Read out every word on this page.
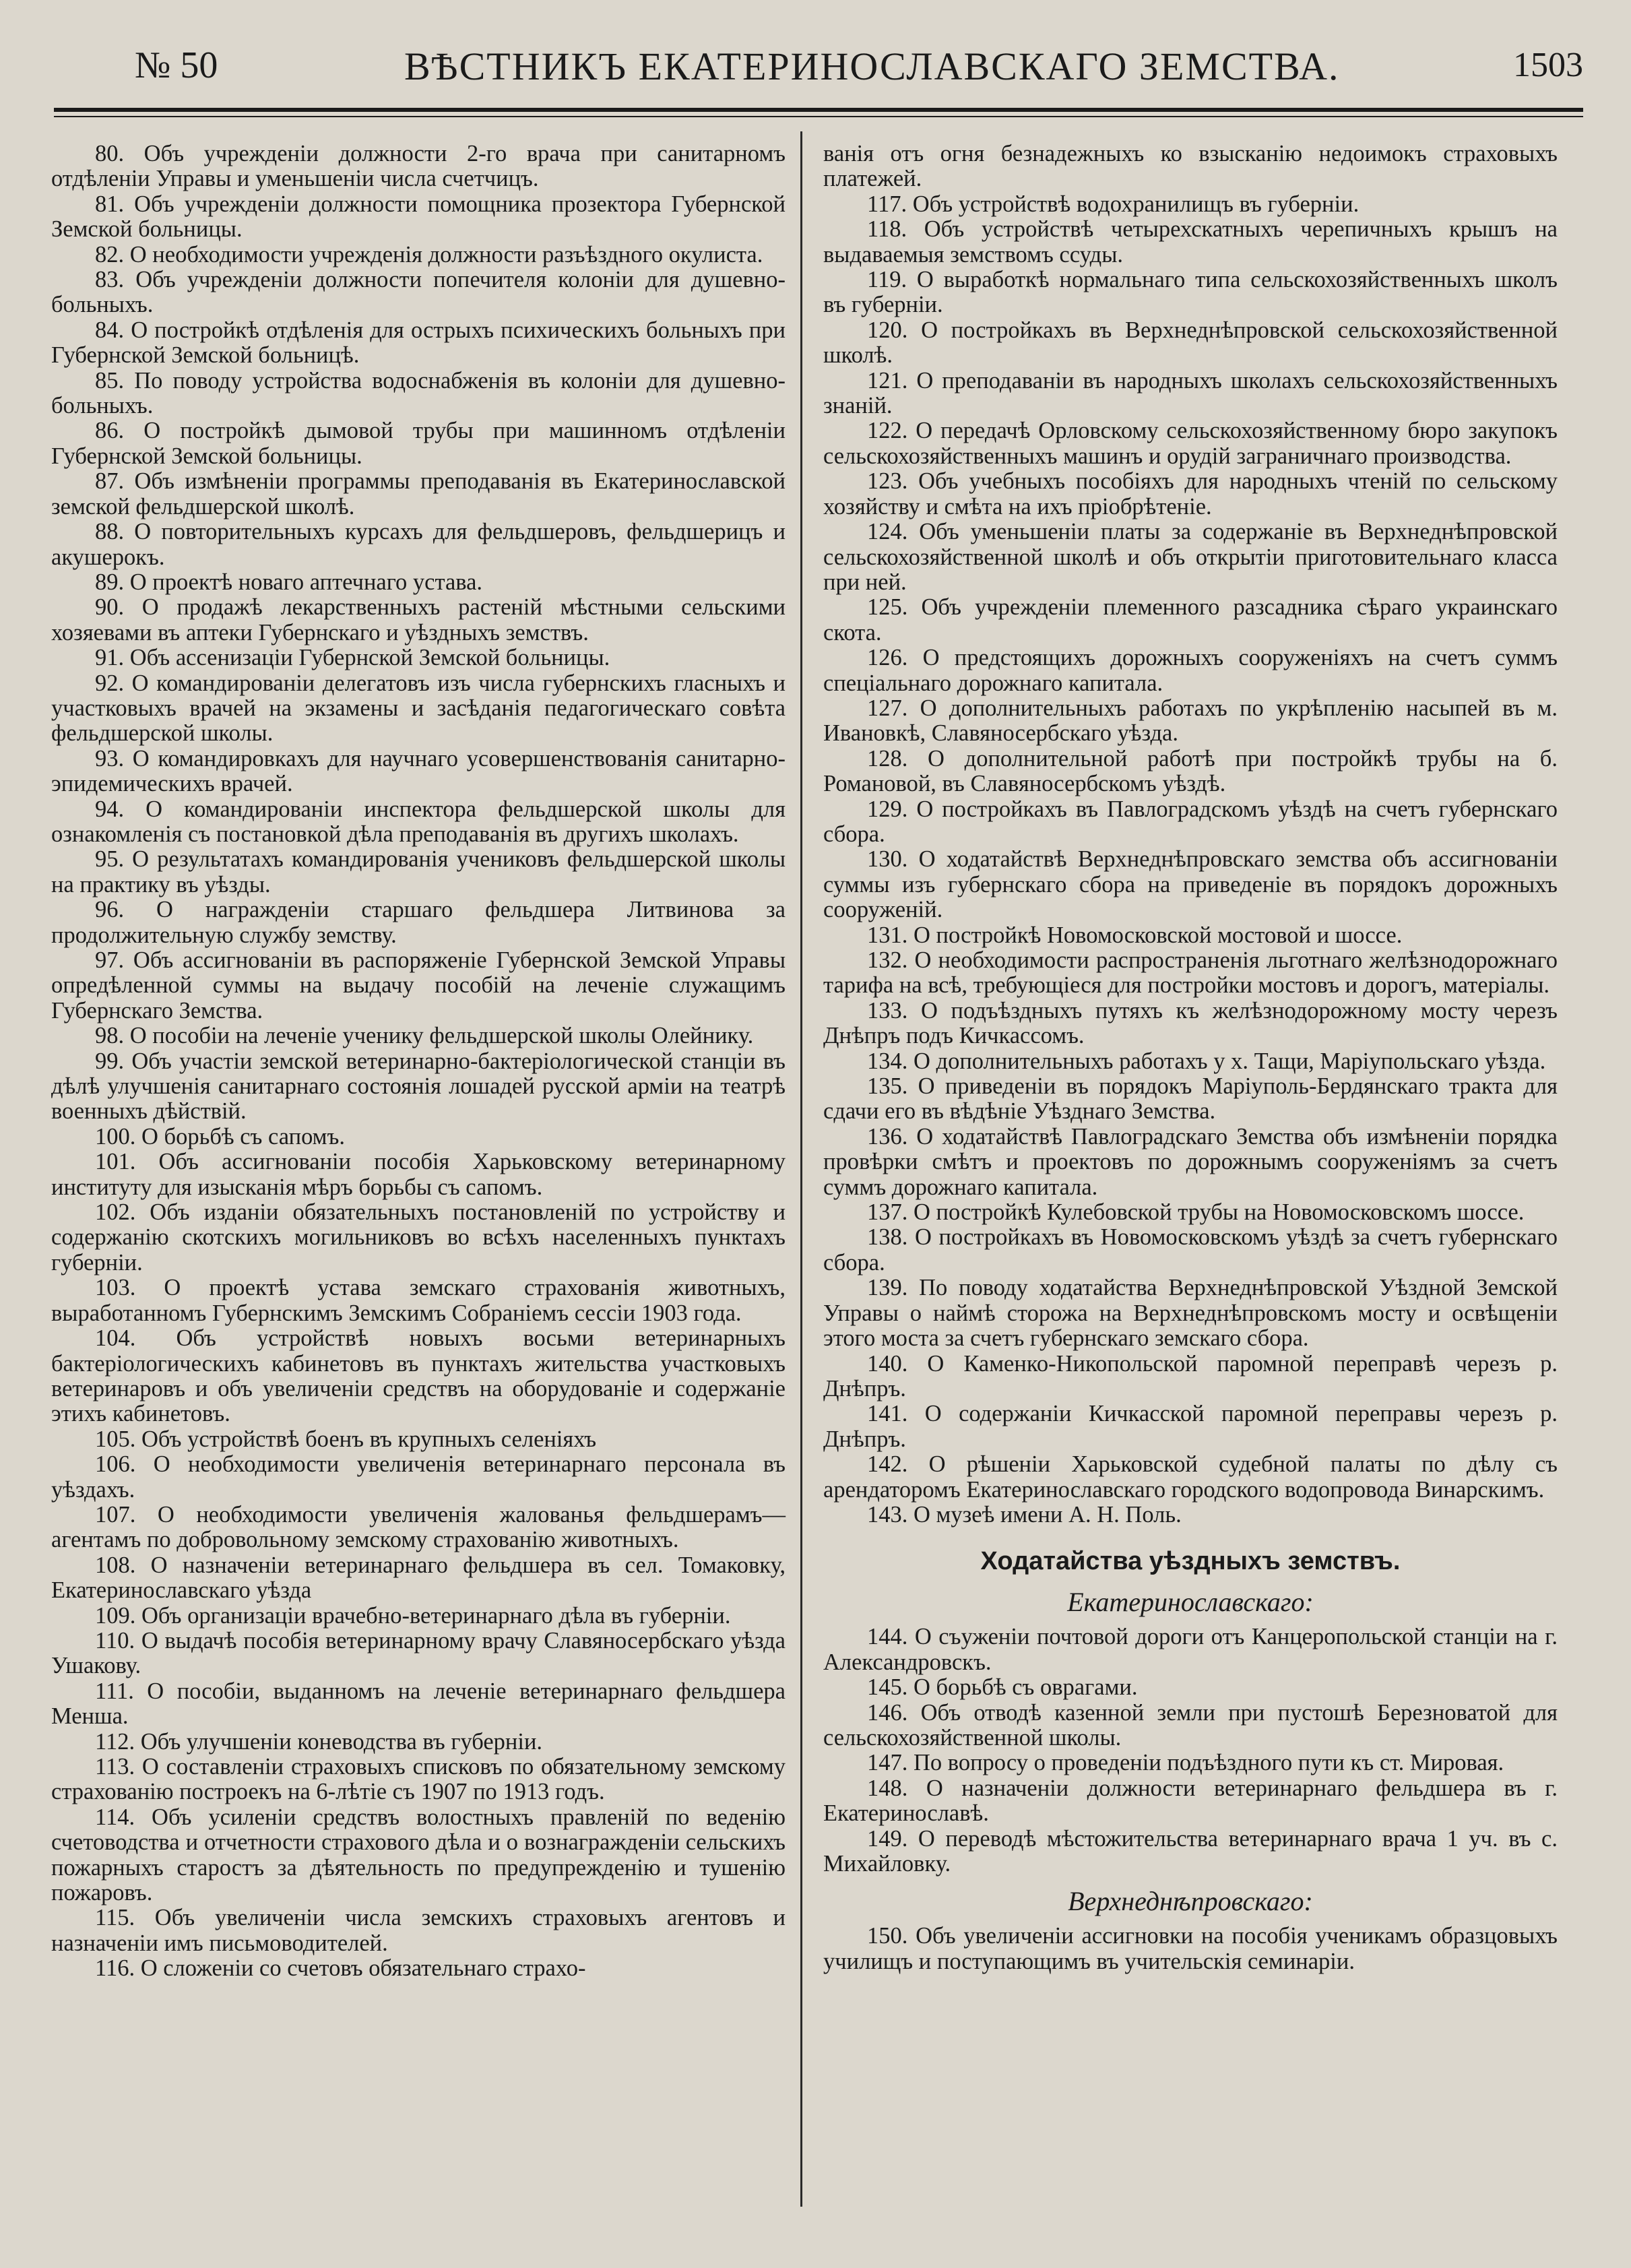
№ 50	ВѢСТНИКЪ ЕКАТЕРИНОСЛАВСКАГО ЗЕМСТВА.	1503

80. Объ учрежденiи должности 2-го врача при санитарномъ отдѣленiи Управы и уменьшенiи числа счетчицъ.

81. Объ учрежденiи должности помощника прозектора Губернской Земской больницы.

82. О необходимости учрежденiя должности разъѣздного окулиста.

83. Объ учрежденiи должности попечителя колонiи для душевно-больныхъ.

84. О постройкѣ отдѣленiя для острыхъ психическихъ больныхъ при Губернской Земской больницѣ.

85. По поводу устройства водоснабженiя въ колонiи для душевно-больныхъ.

86. О постройкѣ дымовой трубы при машинномъ отдѣленiи Губернской Земской больницы.

87. Объ измѣненiи программы преподаванiя въ Екатеринославской земской фельдшерской школѣ.

88. О повторительныхъ курсахъ для фельдшеровъ, фельдшерицъ и акушерокъ.

89. О проектѣ новаго аптечнаго устава.

90. О продажѣ лекарственныхъ растенiй мѣстными сельскими хозяевами въ аптеки Губернскаго и уѣздныхъ земствъ.

91. Объ ассенизацiи Губернской Земской больницы.

92. О командированiи делегатовъ изъ числа губернскихъ гласныхъ и участковыхъ врачей на экзамены и засѣданiя педагогическаго совѣта фельдшерской школы.

93. О командировкахъ для научнаго усовершенствованiя санитарно-эпидемическихъ врачей.

94. О командированiи инспектора фельдшерской школы для ознакомленiя съ постановкой дѣла преподаванiя въ другихъ школахъ.

95. О результатахъ командированiя учениковъ фельдшерской школы на практику въ уѣзды.

96. О награжденiи старшаго фельдшера Литвинова за продолжительную службу земству.

97. Объ ассигнованiи въ распоряженiе Губернской Земской Управы опредѣленной суммы на выдачу пособiй на леченiе служащимъ Губернскаго Земства.

98. О пособiи на леченiе ученику фельдшерской школы Олейнику.

99. Объ участiи земской ветеринарно-бактерiологической станцiи въ дѣлѣ улучшенiя санитарнаго состоянiя лошадей русской армiи на театрѣ военныхъ дѣйствiй.

100. О борьбѣ съ сапомъ.

101. Объ ассигнованiи пособiя Харьковскому ветеринарному институту для изысканiя мѣръ борьбы съ сапомъ.

102. Объ изданiи обязательныхъ постановленiй по устройству и содержанiю скотскихъ могильниковъ во всѣхъ населенныхъ пунктахъ губернiи.

103. О проектѣ устава земскаго страхованiя животныхъ, выработанномъ Губернскимъ Земскимъ Собранiемъ сессiи 1903 года.

104. Объ устройствѣ новыхъ восьми ветеринарныхъ бактерiологическихъ кабинетовъ въ пунктахъ жительства участковыхъ ветеринаровъ и объ увеличенiи средствъ на оборудованiе и содержанiе этихъ кабинетовъ.

105. Объ устройствѣ боенъ въ крупныхъ селенiяхъ

106. О необходимости увеличенiя ветеринарнаго персонала въ уѣздахъ.

107. О необходимости увеличенiя жалованья фельдшерамъ—агентамъ по добровольному земскому страхованiю животныхъ.

108. О назначенiи ветеринарнаго фельдшера въ сел. Томаковку, Екатеринославскаго уѣзда

109. Объ организацiи врачебно-ветеринарнаго дѣла въ губернiи.

110. О выдачѣ пособiя ветеринарному врачу Славяносербскаго уѣзда Ушакову.

111. О пособiи, выданномъ на леченiе ветеринарнаго фельдшера Менша.

112. Объ улучшенiи коневодства въ губернiи.

113. О составленiи страховыхъ списковъ по обязательному земскому страхованiю построекъ на 6-лѣтiе съ 1907 по 1913 годъ.

114. Объ усиленiи средствъ волостныхъ правленiй по веденiю счетоводства и отчетности страхового дѣла и о вознагражденiи сельскихъ пожарныхъ старостъ за дѣятельность по предупрежденiю и тушенiю пожаровъ.

115. Объ увеличенiи числа земскихъ страховыхъ агентовъ и назначенiи имъ письмоводителей.

116. О сложенiи со счетовъ обязательнаго страхо-

ванiя отъ огня безнадежныхъ ко взысканiю недоимокъ страховыхъ платежей.

117. Объ устройствѣ водохранилищъ въ губернiи.

118. Объ устройствѣ четырехскатныхъ черепичныхъ крышъ на выдаваемыя земствомъ ссуды.

119. О выработкѣ нормальнаго типа сельскохозяйственныхъ школъ въ губернiи.

120. О постройкахъ въ Верхнеднѣпровской сельскохозяйственной школѣ.

121. О преподаванiи въ народныхъ школахъ сельскохозяйственныхъ знанiй.

122. О передачѣ Орловскому сельскохозяйственному бюро закупокъ сельскохозяйственныхъ машинъ и орудiй заграничнаго производства.

123. Объ учебныхъ пособiяхъ для народныхъ чтенiй по сельскому хозяйству и смѣта на ихъ прiобрѣтенiе.

124. Объ уменьшенiи платы за содержанiе въ Верхнеднѣпровской сельскохозяйственной школѣ и объ открытiи приготовительнаго класса при ней.

125. Объ учрежденiи племенного разсадника сѣраго украинскаго скота.

126. О предстоящихъ дорожныхъ сооруженiяхъ на счетъ суммъ спецiальнаго дорожнаго капитала.

127. О дополнительныхъ работахъ по укрѣпленiю насыпей въ м. Ивановкѣ, Славяносербскаго уѣзда.

128. О дополнительной работѣ при постройкѣ трубы на б. Романовой, въ Славяносербскомъ уѣздѣ.

129. О постройкахъ въ Павлоградскомъ уѣздѣ на счетъ губернскаго сбора.

130. О ходатайствѣ Верхнеднѣпровскаго земства объ ассигнованiи суммы изъ губернскаго сбора на приведенiе въ порядокъ дорожныхъ сооруженiй.

131. О постройкѣ Новомосковской мостовой и шоссе.

132. О необходимости распространенiя льготнаго желѣзнодорожнаго тарифа на всѣ, требующiеся для постройки мостовъ и дорогъ, матерiалы.

133. О подъѣздныхъ путяхъ къ желѣзнодорожному мосту черезъ Днѣпръ подъ Кичкассомъ.

134. О дополнительныхъ работахъ у х. Тащи, Марiупольскаго уѣзда.

135. О приведенiи въ порядокъ Марiуполь-Бердянскаго тракта для сдачи его въ вѣдѣнiе Уѣзднаго Земства.

136. О ходатайствѣ Павлоградскаго Земства объ измѣненiи порядка провѣрки смѣтъ и проектовъ по дорожнымъ сооруженiямъ за счетъ суммъ дорожнаго капитала.

137. О постройкѣ Кулебовской трубы на Новомосковскомъ шоссе.

138. О постройкахъ въ Новомосковскомъ уѣздѣ за счетъ губернскаго сбора.

139. По поводу ходатайства Верхнеднѣпровской Уѣздной Земской Управы о наймѣ сторожа на Верхнеднѣпровскомъ мосту и освѣщенiи этого моста за счетъ губернскаго земскаго сбора.

140. О Каменко-Никопольской паромной переправѣ черезъ р. Днѣпръ.

141. О содержанiи Кичкасской паромной переправы черезъ р. Днѣпръ.

142. О рѣшенiи Харьковской судебной палаты по дѣлу съ арендаторомъ Екатеринославскаго городского водопровода Винарскимъ.

143. О музеѣ имени А. Н. Поль.

Ходатайства уѣздныхъ земствъ.
Екатеринославскаго:

144. О съуженiи почтовой дороги отъ Канцеропольской станцiи на г. Александровскъ.

145. О борьбѣ съ оврагами.

146. Объ отводѣ казенной земли при пустошѣ Березноватой для сельскохозяйственной школы.

147. По вопросу о проведенiи подъѣздного пути къ ст. Мировая.

148. О назначенiи должности ветеринарнаго фельдшера въ г. Екатеринославѣ.

149. О переводѣ мѣстожительства ветеринарнаго врача 1 уч. въ с. Михайловку.

Верхнеднѣпровскаго:

150. Объ увеличенiи ассигновки на пособiя ученикамъ образцовыхъ училищъ и поступающимъ въ учительскiя семинарiи.
